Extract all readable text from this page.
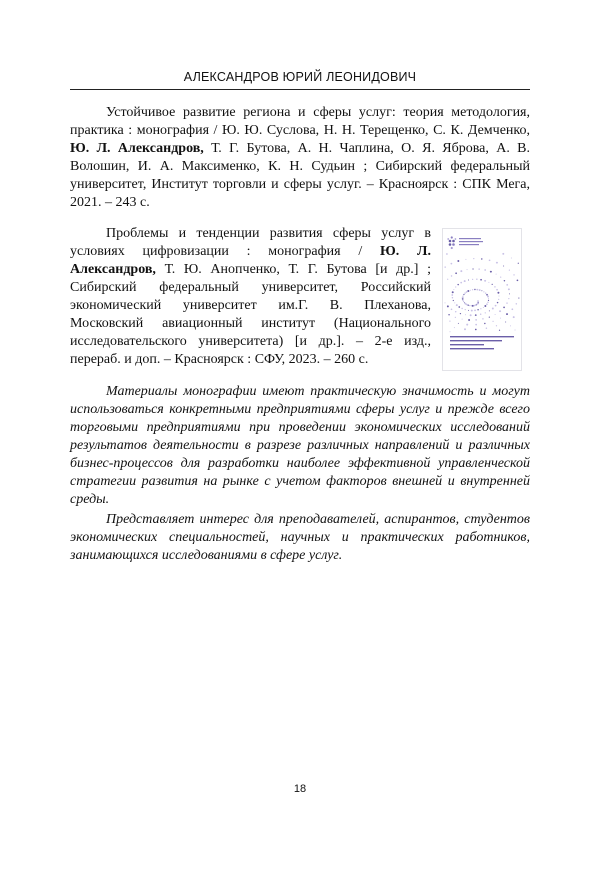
АЛЕКСАНДРОВ ЮРИЙ ЛЕОНИДОВИЧ
Устойчивое развитие региона и сферы услуг: теория методология, практика : монография / Ю. Ю. Суслова, Н. Н. Терещенко, С. К. Демченко, Ю. Л. Александров, Т. Г. Бутова, А. Н. Чаплина, О. Я. Яброва, А. В. Волошин, И. А. Максименко, К. Н. Судьин ; Сибирский федеральный университет, Институт торговли и сферы услуг. – Красноярск : СПК Мега, 2021. – 243 с.
Проблемы и тенденции развития сферы услуг в условиях цифровизации : монография / Ю. Л. Александров, Т. Ю. Анопченко, Т. Г. Бутова [и др.] ; Сибирский федеральный университет, Российский экономический университет им.Г. В. Плеханова, Московский авиационный институт (Национального исследовательского университета) [и др.]. – 2-е изд., перераб. и доп. – Красноярск : СФУ, 2023. – 260 с.

Материалы монографии имеют практическую значимость и могут использоваться конкретными предприятиями сферы услуг и прежде всего торговыми предприятиями при проведении экономических исследований результатов деятельности в разрезе различных направлений и различных бизнес-процессов для разработки наиболее эффективной управленческой стратегии развития на рынке с учетом факторов внешней и внутренней среды.

Представляет интерес для преподавателей, аспирантов, студентов экономических специальностей, научных и практических работников, занимающихся исследованиями в сфере услуг.

18
